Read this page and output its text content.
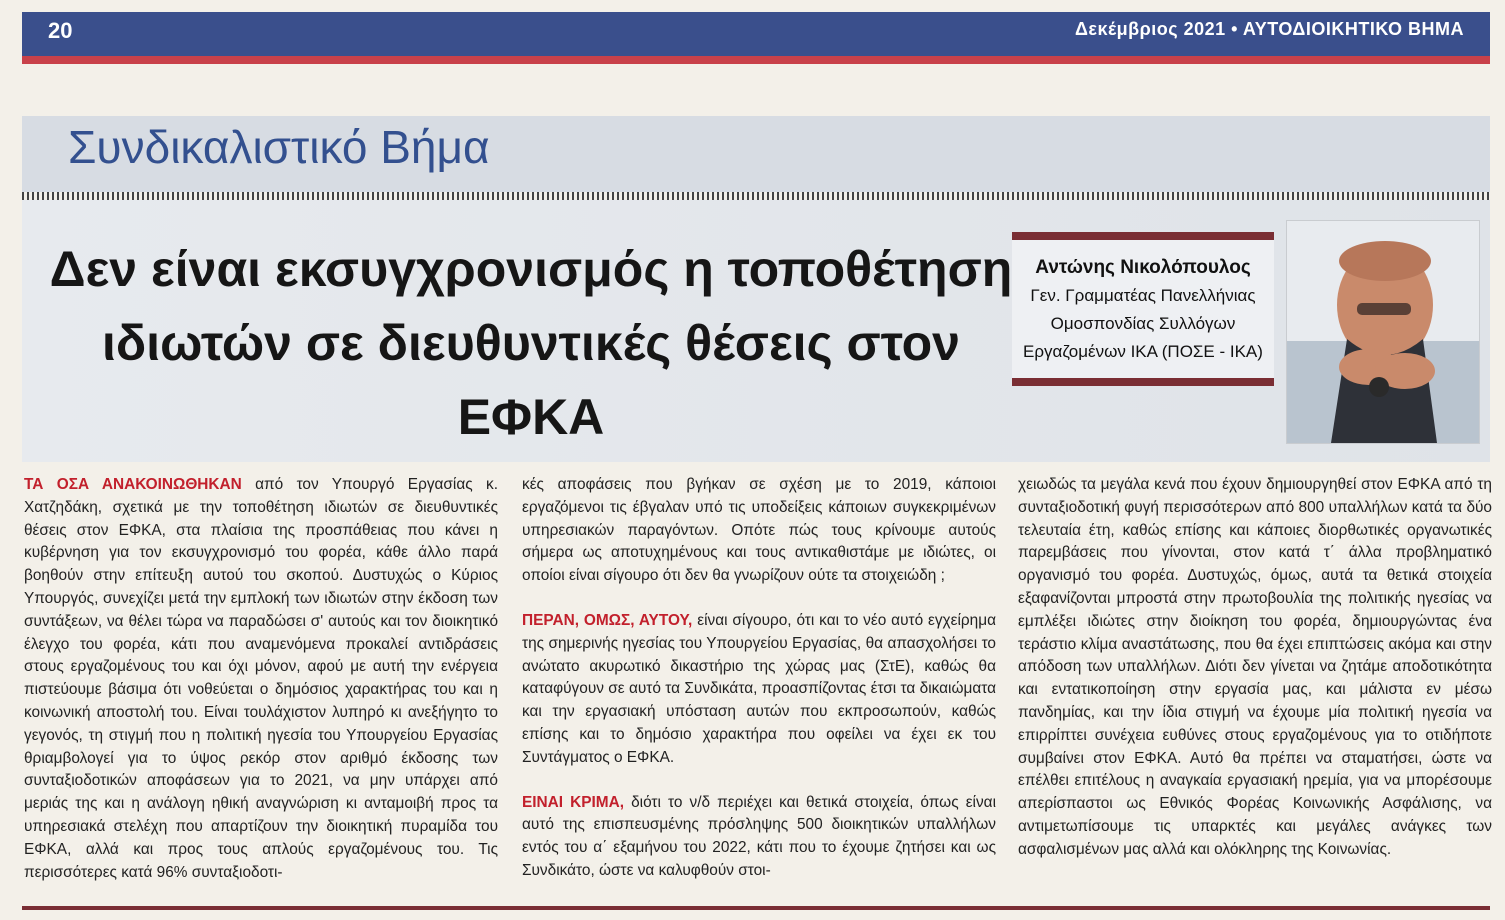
20	Δεκέμβριος 2021 • ΑΥΤΟΔΙΟΙΚΗΤΙΚΟ ΒΗΜΑ
Συνδικαλιστικό Βήμα
Δεν είναι εκσυγχρονισμός η τοποθέτηση ιδιωτών σε διευθυντικές θέσεις στον ΕΦΚΑ
Αντώνης Νικολόπουλος
Γεν. Γραμματέας Πανελλήνιας Ομοσπονδίας Συλλόγων Εργαζομένων ΙΚΑ (ΠΟΣΕ - ΙΚΑ)

ΤΑ ΟΣΑ ΑΝΑΚΟΙΝΩΘΗΚΑΝ από τον Υπουργό Εργασίας κ. Χατζηδάκη, σχετικά με την τοποθέτηση ιδιωτών σε διευθυντικές θέσεις στον ΕΦΚΑ, στα πλαίσια της προσπάθειας που κάνει η κυβέρνηση για τον εκσυγχρονισμό του φορέα, κάθε άλλο παρά βοηθούν στην επίτευξη αυτού του σκοπού. Δυστυχώς ο Κύριος Υπουργός, συνεχίζει μετά την εμπλοκή των ιδιωτών στην έκδοση των συντάξεων, να θέλει τώρα να παραδώσει σ' αυτούς και τον διοικητικό έλεγχο του φορέα, κάτι που αναμενόμενα προκαλεί αντιδράσεις στους εργαζομένους του και όχι μόνον, αφού με αυτή την ενέργεια πιστεύουμε βάσιμα ότι νοθεύεται ο δημόσιος χαρακτήρας του και η κοινωνική αποστολή του. Είναι τουλάχιστον λυπηρό κι ανεξήγητο το γεγονός, τη στιγμή που η πολιτική ηγεσία του Υπουργείου Εργασίας θριαμβολογεί για το ύψος ρεκόρ στον αριθμό έκδοσης των συνταξιοδοτικών αποφάσεων για το 2021, να μην υπάρχει από μεριάς της και η ανάλογη ηθική αναγνώριση κι ανταμοιβή προς τα υπηρεσιακά στελέχη που απαρτίζουν την διοικητική πυραμίδα του ΕΦΚΑ, αλλά και προς τους απλούς εργαζομένους του. Τις περισσότερες κατά 96% συνταξιοδοτι-

κές αποφάσεις που βγήκαν σε σχέση με το 2019, κάποιοι εργαζόμενοι τις έβγαλαν υπό τις υποδείξεις κάποιων συγκεκριμένων υπηρεσιακών παραγόντων. Οπότε πώς τους κρίνουμε αυτούς σήμερα ως αποτυχημένους και τους αντικαθιστάμε με ιδιώτες, οι οποίοι είναι σίγουρο ότι δεν θα γνωρίζουν ούτε τα στοιχειώδη ;

ΠΕΡΑΝ, ΟΜΩΣ, ΑΥΤΟΥ, είναι σίγουρο, ότι και το νέο αυτό εγχείρημα της σημερινής ηγεσίας του Υπουργείου Εργασίας, θα απασχολήσει το ανώτατο ακυρωτικό δικαστήριο της χώρας μας (ΣτΕ), καθώς θα καταφύγουν σε αυτό τα Συνδικάτα, προασπίζοντας έτσι τα δικαιώματα και την εργασιακή υπόσταση αυτών που εκπροσωπούν, καθώς επίσης και το δημόσιο χαρακτήρα που οφείλει να έχει εκ του Συντάγματος ο ΕΦΚΑ.

ΕΙΝΑΙ ΚΡΙΜΑ, διότι το ν/δ περιέχει και θετικά στοιχεία, όπως είναι αυτό της επισπευσμένης πρόσληψης 500 διοικητικών υπαλλήλων εντός του α΄ εξαμήνου του 2022, κάτι που το έχουμε ζητήσει και ως Συνδικάτο, ώστε να καλυφθούν στοι-

χειωδώς τα μεγάλα κενά που έχουν δημιουργηθεί στον ΕΦΚΑ από τη συνταξιοδοτική φυγή περισσότερων από 800 υπαλλήλων κατά τα δύο τελευταία έτη, καθώς επίσης και κάποιες διορθωτικές οργανωτικές παρεμβάσεις που γίνονται, στον κατά τ΄ άλλα προβληματικό οργανισμό του φορέα. Δυστυχώς, όμως, αυτά τα θετικά στοιχεία εξαφανίζονται μπροστά στην πρωτοβουλία της πολιτικής ηγεσίας να εμπλέξει ιδιώτες στην διοίκηση του φορέα, δημιουργώντας ένα τεράστιο κλίμα αναστάτωσης, που θα έχει επιπτώσεις ακόμα και στην απόδοση των υπαλλήλων. Διότι δεν γίνεται να ζητάμε αποδοτικότητα και εντατικοποίηση στην εργασία μας, και μάλιστα εν μέσω πανδημίας, και την ίδια στιγμή να έχουμε μία πολιτική ηγεσία να επιρρίπτει συνέχεια ευθύνες στους εργαζομένους για το οτιδήποτε συμβαίνει στον ΕΦΚΑ. Αυτό θα πρέπει να σταματήσει, ώστε να επέλθει επιτέλους η αναγκαία εργασιακή ηρεμία, για να μπορέσουμε απερίσπαστοι ως Εθνικός Φορέας Κοινωνικής Ασφάλισης, να αντιμετωπίσουμε τις υπαρκτές και μεγάλες ανάγκες των ασφαλισμένων μας αλλά και ολόκληρης της Κοινωνίας.
